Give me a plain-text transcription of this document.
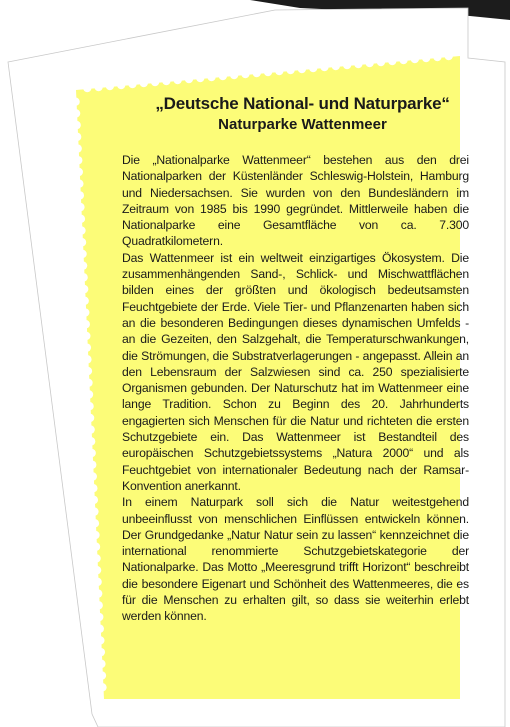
„Deutsche National- und Naturparke“
Naturparke Wattenmeer

Die „Nationalparke Wattenmeer“ bestehen aus den drei Nationalparken der Küstenländer Schleswig-Holstein, Hamburg und Niedersachsen. Sie wurden von den Bundesländern im Zeitraum von 1985 bis 1990 gegründet. Mittlerweile haben die Nationalparke eine Gesamtfläche von ca. 7.300 Quadratkilometern.

Das Wattenmeer ist ein weltweit einzigartiges Ökosystem. Die zusammenhängenden Sand-, Schlick- und Mischwattflächen bilden eines der größten und ökologisch bedeutsamsten Feuchtgebiete der Erde. Viele Tier- und Pflanzenarten haben sich an die besonderen Bedingungen dieses dynamischen Umfelds - an die Gezeiten, den Salzgehalt, die Temperaturschwankungen, die Strömungen, die Substratverlagerungen - angepasst. Allein an den Lebensraum der Salzwiesen sind ca. 250 spezialisierte Organismen gebunden. Der Naturschutz hat im Wattenmeer eine lange Tradition. Schon zu Beginn des 20. Jahrhunderts engagierten sich Menschen für die Natur und richteten die ersten Schutzgebiete ein. Das Wattenmeer ist Bestandteil des europäischen Schutzgebietssystems „Natura 2000“ und als Feuchtgebiet von internationaler Bedeutung nach der Ramsar-Konvention anerkannt.

In einem Naturpark soll sich die Natur weitestgehend unbeeinflusst von menschlichen Einflüssen entwickeln können. Der Grundgedanke „Natur Natur sein zu lassen“ kennzeichnet die international renommierte Schutzgebietskategorie der Nationalparke. Das Motto „Meeresgrund trifft Horizont“ beschreibt die besondere Eigenart und Schönheit des Wattenmeeres, die es für die Menschen zu erhalten gilt, so dass sie weiterhin erlebt werden können.
